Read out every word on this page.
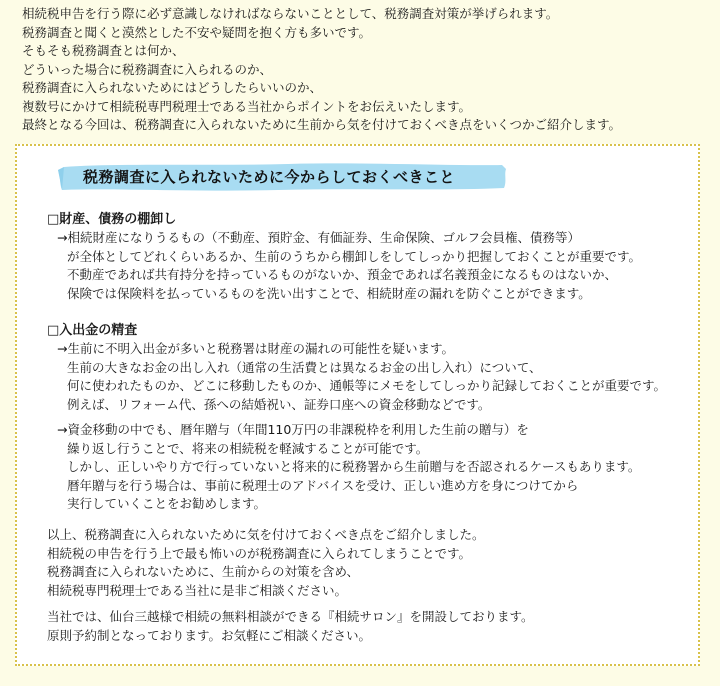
相続税申告を行う際に必ず意識しなければならないこととして、税務調査対策が挙げられます。

税務調査と聞くと漠然とした不安や疑問を抱く方も多いです。

そもそも税務調査とは何か、

どういった場合に税務調査に入られるのか、

税務調査に入られないためにはどうしたらいいのか、

複数号にかけて相続税専門税理士である当社からポイントをお伝えいたします。

最終となる今回は、税務調査に入られないために生前から気を付けておくべき点をいくつかご紹介します。

税務調査に入られないために今からしておくべきこと

□財産、債務の棚卸し

→相続財産になりうるもの（不動産、預貯金、有価証券、生命保険、ゴルフ会員権、債務等）

が全体としてどれくらいあるか、生前のうちから棚卸しをしてしっかり把握しておくことが重要です。

不動産であれば共有持分を持っているものがないか、預金であれば名義預金になるものはないか、

保険では保険料を払っているものを洗い出すことで、相続財産の漏れを防ぐことができます。

□入出金の精査

→生前に不明入出金が多いと税務署は財産の漏れの可能性を疑います。

生前の大きなお金の出し入れ（通常の生活費とは異なるお金の出し入れ）について、

何に使われたものか、どこに移動したものか、通帳等にメモをしてしっかり記録しておくことが重要です。

例えば、リフォーム代、孫への結婚祝い、証券口座への資金移動などです。

→資金移動の中でも、暦年贈与（年間110万円の非課税枠を利用した生前の贈与）を

繰り返し行うことで、将来の相続税を軽減することが可能です。

しかし、正しいやり方で行っていないと将来的に税務署から生前贈与を否認されるケースもあります。

暦年贈与を行う場合は、事前に税理士のアドバイスを受け、正しい進め方を身につけてから

実行していくことをお勧めします。

以上、税務調査に入られないために気を付けておくべき点をご紹介しました。

相続税の申告を行う上で最も怖いのが税務調査に入られてしまうことです。

税務調査に入られないために、生前からの対策を含め、

相続税専門税理士である当社に是非ご相談ください。

当社では、仙台三越様で相続の無料相談ができる『相続サロン』を開設しております。

原則予約制となっております。お気軽にご相談ください。
